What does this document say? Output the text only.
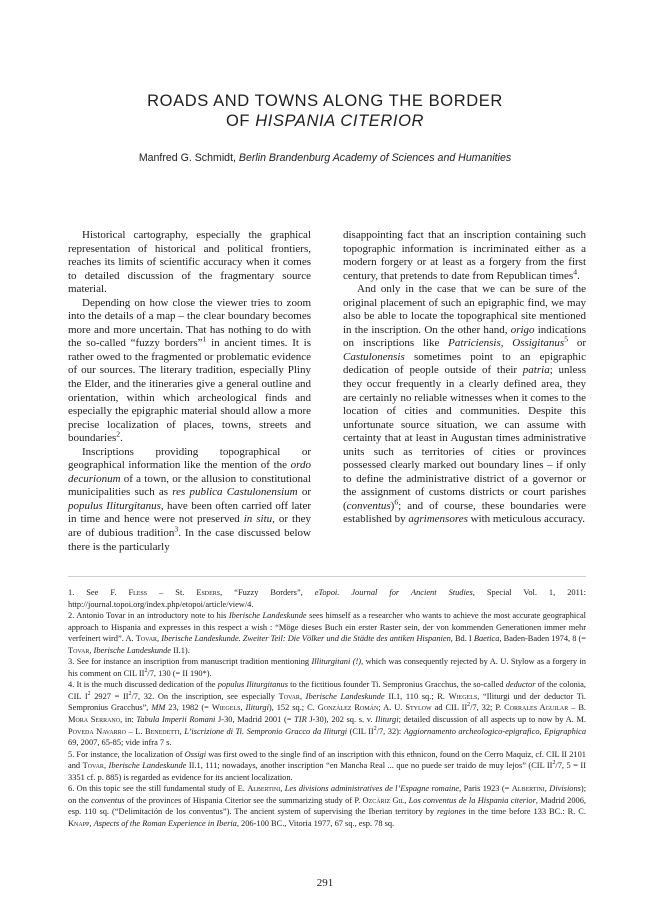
ROADS AND TOWNS ALONG THE BORDER
OF HISPANIA CITERIOR
Manfred G. Schmidt, Berlin Brandenburg Academy of Sciences and Humanities

Historical cartography, especially the graphical representation of historical and political frontiers, reaches its limits of scientific accuracy when it comes to detailed discussion of the fragmentary source material.

Depending on how close the viewer tries to zoom into the details of a map – the clear boundary becomes more and more uncertain. That has nothing to do with the so-called “fuzzy borders”$^1$ in ancient times. It is rather owed to the fragmented or problematic evidence of our sources. The literary tradition, especially Pliny the Elder, and the itineraries give a general outline and orientation, within which archeological finds and especially the epigraphic material should allow a more precise localization of places, towns, streets and boundaries$^2$.

Inscriptions providing topographical or geographical information like the mention of the ordo decurionum of a town, or the allusion to constitutional municipalities such as res publica Castulonensium or populus Iliturgitanus, have been often carried off later in time and hence were not preserved in situ, or they are of dubious tradition$^3$. In the case discussed below there is the particularly

disappointing fact that an inscription containing such topographic information is incriminated either as a modern forgery or at least as a forgery from the first century, that pretends to date from Republican times$^4$.

And only in the case that we can be sure of the original placement of such an epigraphic find, we may also be able to locate the topographical site mentioned in the inscription. On the other hand, origo indications on inscriptions like Patriciensis, Ossigitanus$^5$ or Castulonensis sometimes point to an epigraphic dedication of people outside of their patria; unless they occur frequently in a clearly defined area, they are certainly no reliable witnesses when it comes to the location of cities and communities. Despite this unfortunate source situation, we can assume with certainty that at least in Augustan times administrative units such as territories of cities or provinces possessed clearly marked out boundary lines – if only to define the administrative district of a governor or the assignment of customs districts or court parishes (conventus)$^6$; and of course, these boundaries were established by agrimensores with meticulous accuracy.

1. See F. Fless – St. Esders, “Fuzzy Borders”, eTopoi. Journal for Ancient Studies, Special Vol. 1, 2011: http://journal.topoi.org/index.php/etopoi/article/view/4.

2. Antonio Tovar in an introductory note to his Iberische Landeskunde sees himself as a researcher who wants to achieve the most accurate geographical approach to Hispania and expresses in this respect a wish : “Möge dieses Buch ein erster Raster sein, der von kommenden Generationen immer mehr verfeinert wird”. A. Tovar, Iberische Landeskunde. Zweiter Teil: Die Völker und die Städte des antiken Hispanien, Bd. I Baetica, Baden-Baden 1974, 8 (= Tovar, Iberische Landeskunde II.1).

3. See for instance an inscription from manuscript tradition mentioning Illiturgitani (!), which was consequently rejected by A. U. Stylow as a forgery in his comment on CIL $II^2/7$, 130 (= II 190*).

4. It is the much discussed dedication of the populus Iliturgitanus to the fictitious founder Ti. Sempronius Gracchus, the so-called deductor of the colonia, CIL $I^2$ $2927 = II^2/7$, 32. On the inscription, see especially Tovar, Iberische Landeskunde II.1, 110 sq.; R. Wiegels, “Iliturgi und der deductor Ti. Sempronius Gracchus”, MM 23, 1982 (= Wiegels, Iliturgi), 152 sq.; C. González Román; A. U. Stylow ad CIL $II^2/7$, 32; P. Corrales Aguilar – B. Mora Serrano, in: Tabula Imperii Romani J-30, Madrid 2001 (= TIR J-30), 202 sq. s. v. Iliturgi; detailed discussion of all aspects up to now by A. M. Poveda Navarro – L. Benedetti, L’iscrizione di Ti. Sempronio Gracco da Iliturgi (CIL $II^2/7$, 32): Aggiornamento archeologico-epigrafico, Epigraphica 69, 2007, 65-85; vide infra 7 s.

5. For instance, the localization of Ossigi was first owed to the single find of an inscription with this ethnicon, found on the Cerro Maquiz, cf. CIL II 2101 and Tovar, Iberische Landeskunde II.1, 111; nowadays, another inscription “en Mancha Real ... que no puede ser traido de muy lejos” (CIL $II^2/7$, 5 = II 3351 cf. p. 885) is regarded as evidence for its ancient localization.

6. On this topic see the still fundamental study of E. Albertini, Les divisions administratives de l’Espagne romaine, Paris 1923 (= Albertini, Divisions); on the conventus of the provinces of Hispania Citerior see the summarizing study of P. Ozcáriz Gil, Los conventus de la Hispania citerior, Madrid 2006, esp. 110 sq. (“Delimitación de los conventus”). The ancient system of supervising the Iberian territory by regiones in the time before 133 BC.: R. C. Knapp, Aspects of the Roman Experience in Iberia, 206-100 BC., Vitoria 1977, 67 sq., esp. 78 sq.

291
